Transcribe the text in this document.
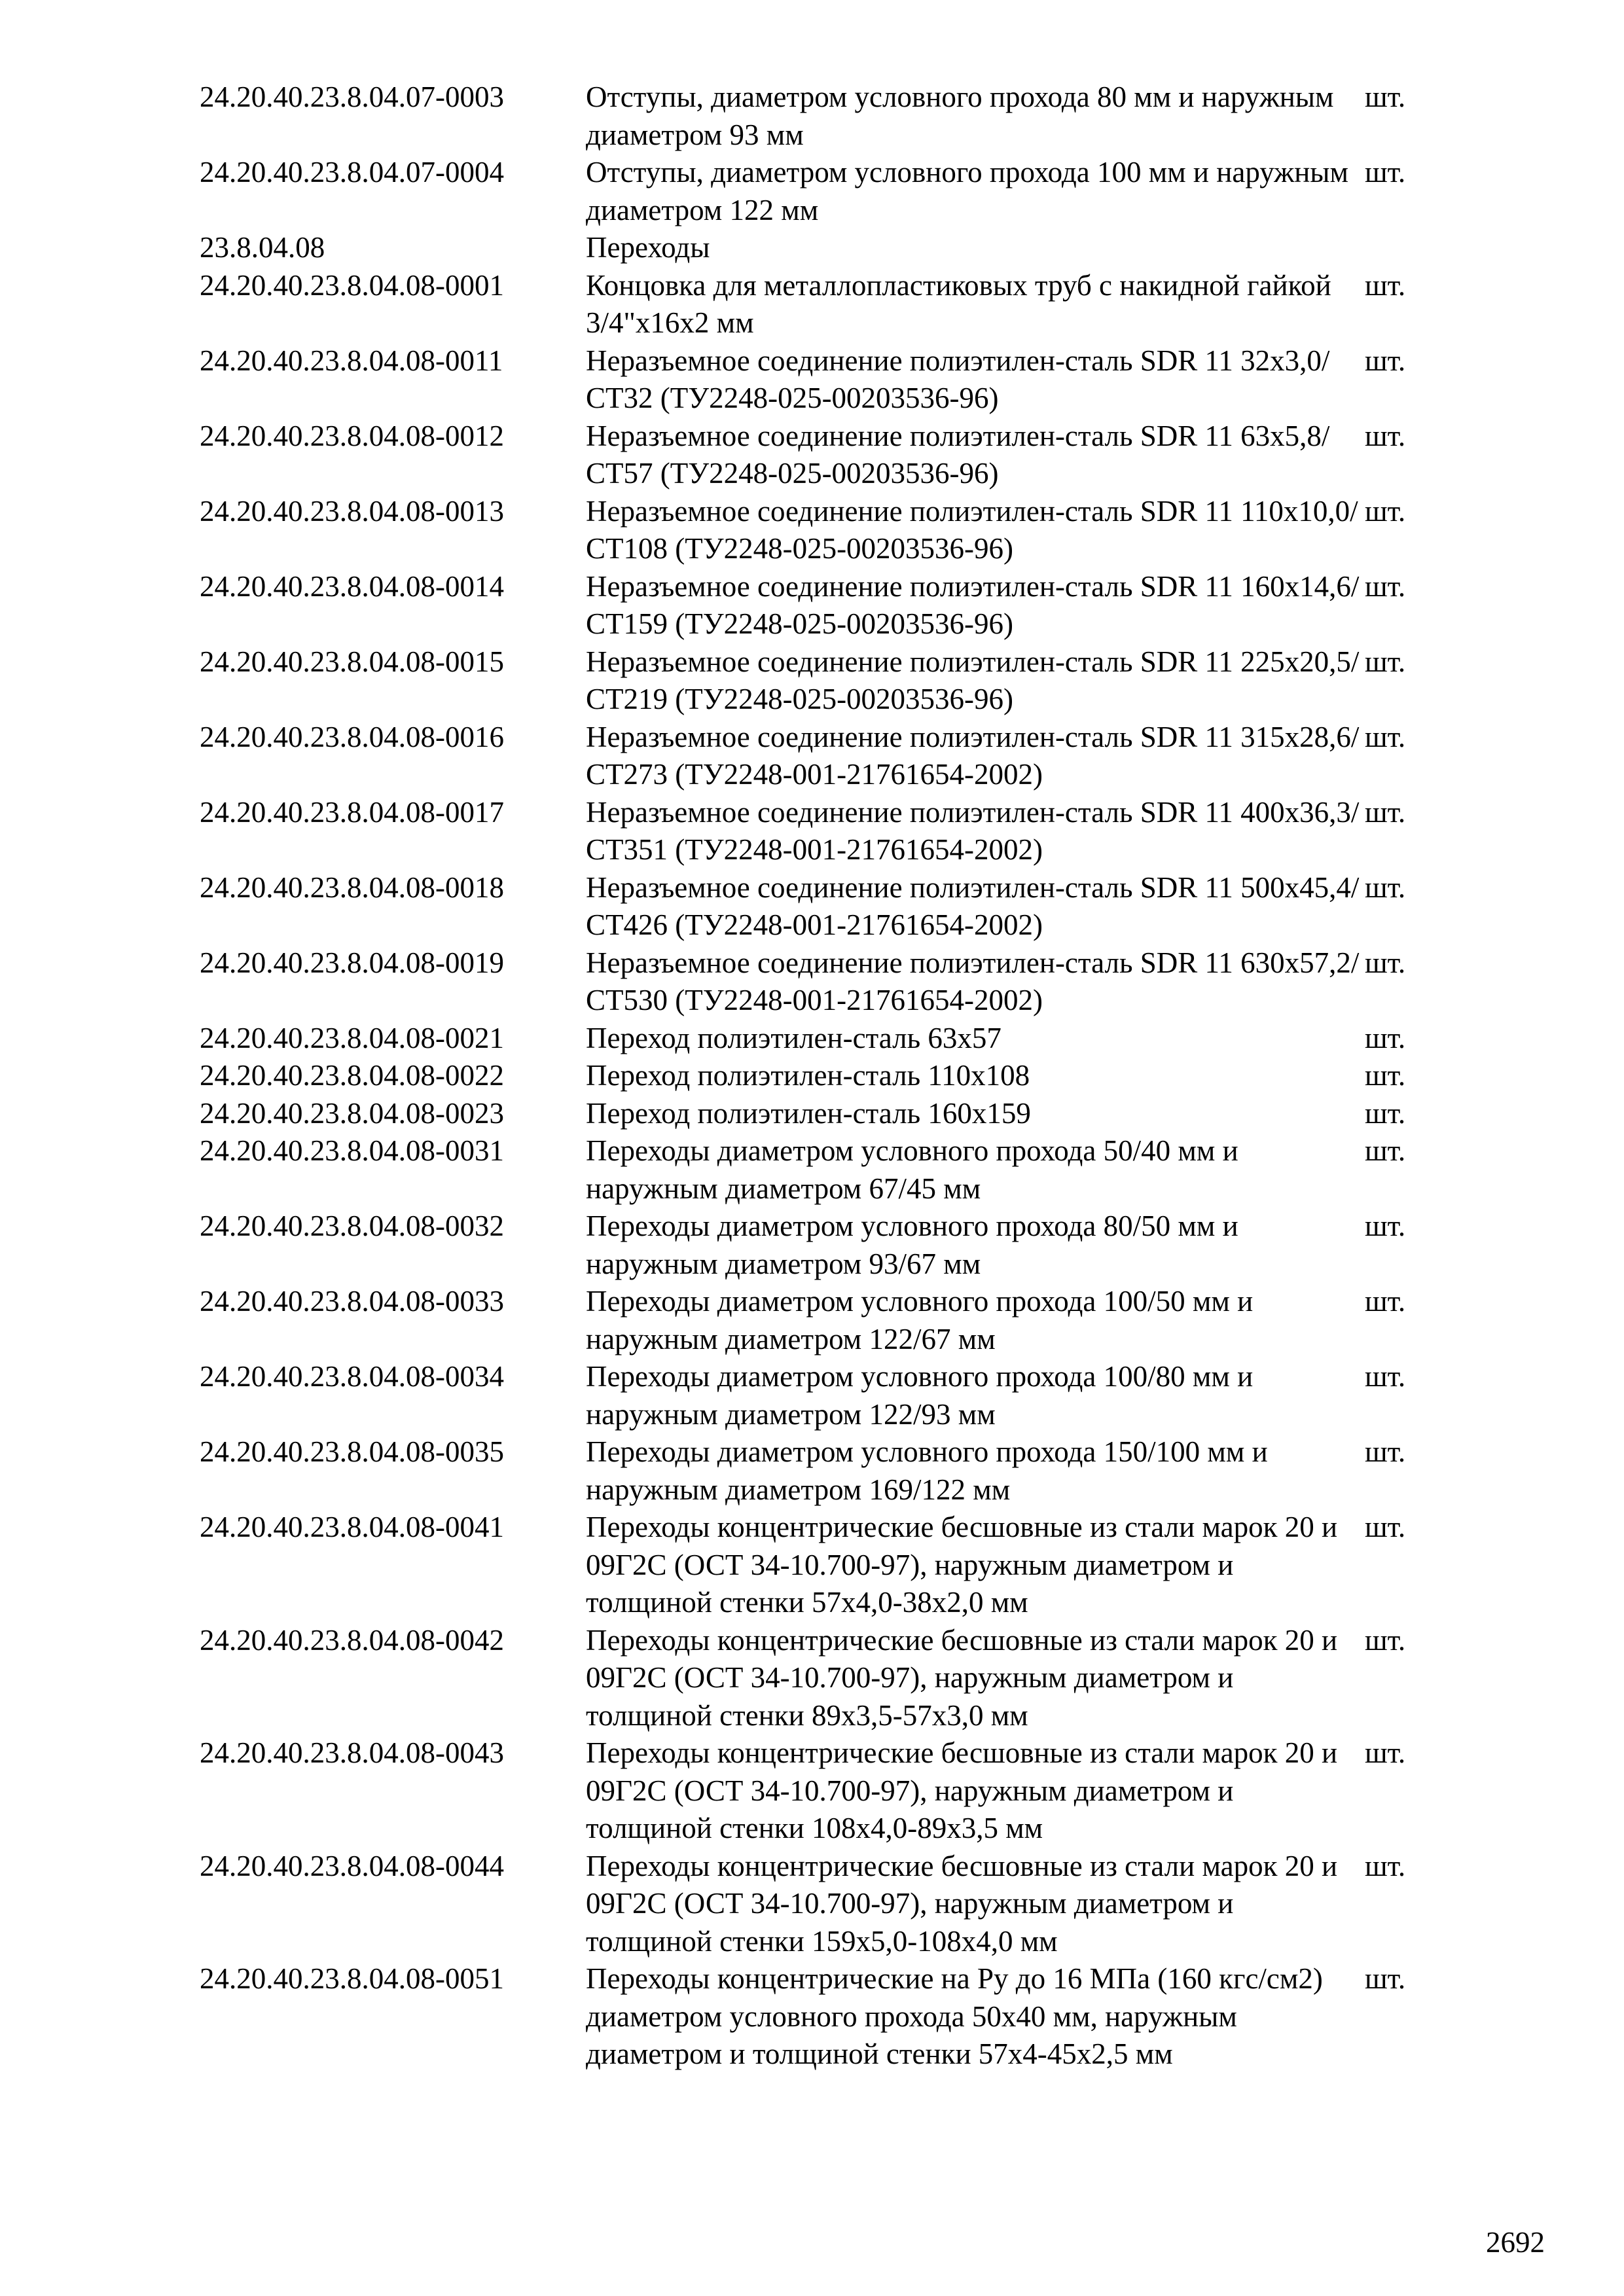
24.20.40.23.8.04.07-0003	Отступы, диаметром условного прохода 80 мм и наружным диаметром 93 мм	шт.
24.20.40.23.8.04.07-0004	Отступы, диаметром условного прохода 100 мм и наружным диаметром 122 мм	шт.
23.8.04.08	Переходы	
24.20.40.23.8.04.08-0001	Концовка для металлопластиковых труб с накидной гайкой 3/4"x16x2 мм	шт.
24.20.40.23.8.04.08-0011	Неразъемное соединение полиэтилен-сталь SDR 11 32x3,0/СТ32 (ТУ2248-025-00203536-96)	шт.
24.20.40.23.8.04.08-0012	Неразъемное соединение полиэтилен-сталь SDR 11 63x5,8/СТ57 (ТУ2248-025-00203536-96)	шт.
24.20.40.23.8.04.08-0013	Неразъемное соединение полиэтилен-сталь SDR 11 110x10,0/СТ108 (ТУ2248-025-00203536-96)	шт.
24.20.40.23.8.04.08-0014	Неразъемное соединение полиэтилен-сталь SDR 11 160x14,6/СТ159 (ТУ2248-025-00203536-96)	шт.
24.20.40.23.8.04.08-0015	Неразъемное соединение полиэтилен-сталь SDR 11 225x20,5/СТ219 (ТУ2248-025-00203536-96)	шт.
24.20.40.23.8.04.08-0016	Неразъемное соединение полиэтилен-сталь SDR 11 315x28,6/СТ273 (ТУ2248-001-21761654-2002)	шт.
24.20.40.23.8.04.08-0017	Неразъемное соединение полиэтилен-сталь SDR 11 400x36,3/СТ351 (ТУ2248-001-21761654-2002)	шт.
24.20.40.23.8.04.08-0018	Неразъемное соединение полиэтилен-сталь SDR 11 500x45,4/СТ426 (ТУ2248-001-21761654-2002)	шт.
24.20.40.23.8.04.08-0019	Неразъемное соединение полиэтилен-сталь SDR 11 630x57,2/СТ530 (ТУ2248-001-21761654-2002)	шт.
24.20.40.23.8.04.08-0021	Переход полиэтилен-сталь 63x57	шт.
24.20.40.23.8.04.08-0022	Переход полиэтилен-сталь 110x108	шт.
24.20.40.23.8.04.08-0023	Переход полиэтилен-сталь 160x159	шт.
24.20.40.23.8.04.08-0031	Переходы диаметром условного прохода 50/40 мм и наружным диаметром 67/45 мм	шт.
24.20.40.23.8.04.08-0032	Переходы диаметром условного прохода 80/50 мм и наружным диаметром 93/67 мм	шт.
24.20.40.23.8.04.08-0033	Переходы диаметром условного прохода 100/50 мм и наружным диаметром 122/67 мм	шт.
24.20.40.23.8.04.08-0034	Переходы диаметром условного прохода 100/80 мм и наружным диаметром 122/93 мм	шт.
24.20.40.23.8.04.08-0035	Переходы диаметром условного прохода 150/100 мм и наружным диаметром 169/122 мм	шт.
24.20.40.23.8.04.08-0041	Переходы концентрические бесшовные из стали марок 20 и 09Г2С (ОСТ 34-10.700-97), наружным диаметром и толщиной стенки 57x4,0-38x2,0 мм	шт.
24.20.40.23.8.04.08-0042	Переходы концентрические бесшовные из стали марок 20 и 09Г2С (ОСТ 34-10.700-97), наружным диаметром и толщиной стенки 89x3,5-57x3,0 мм	шт.
24.20.40.23.8.04.08-0043	Переходы концентрические бесшовные из стали марок 20 и 09Г2С (ОСТ 34-10.700-97), наружным диаметром и толщиной стенки 108x4,0-89x3,5 мм	шт.
24.20.40.23.8.04.08-0044	Переходы концентрические бесшовные из стали марок 20 и 09Г2С (ОСТ 34-10.700-97), наружным диаметром и толщиной стенки 159x5,0-108x4,0 мм	шт.
24.20.40.23.8.04.08-0051	Переходы концентрические на Ру до 16 МПа (160 кгс/см2) диаметром условного прохода 50x40 мм, наружным диаметром и толщиной стенки 57x4-45x2,5 мм	шт.
2692
